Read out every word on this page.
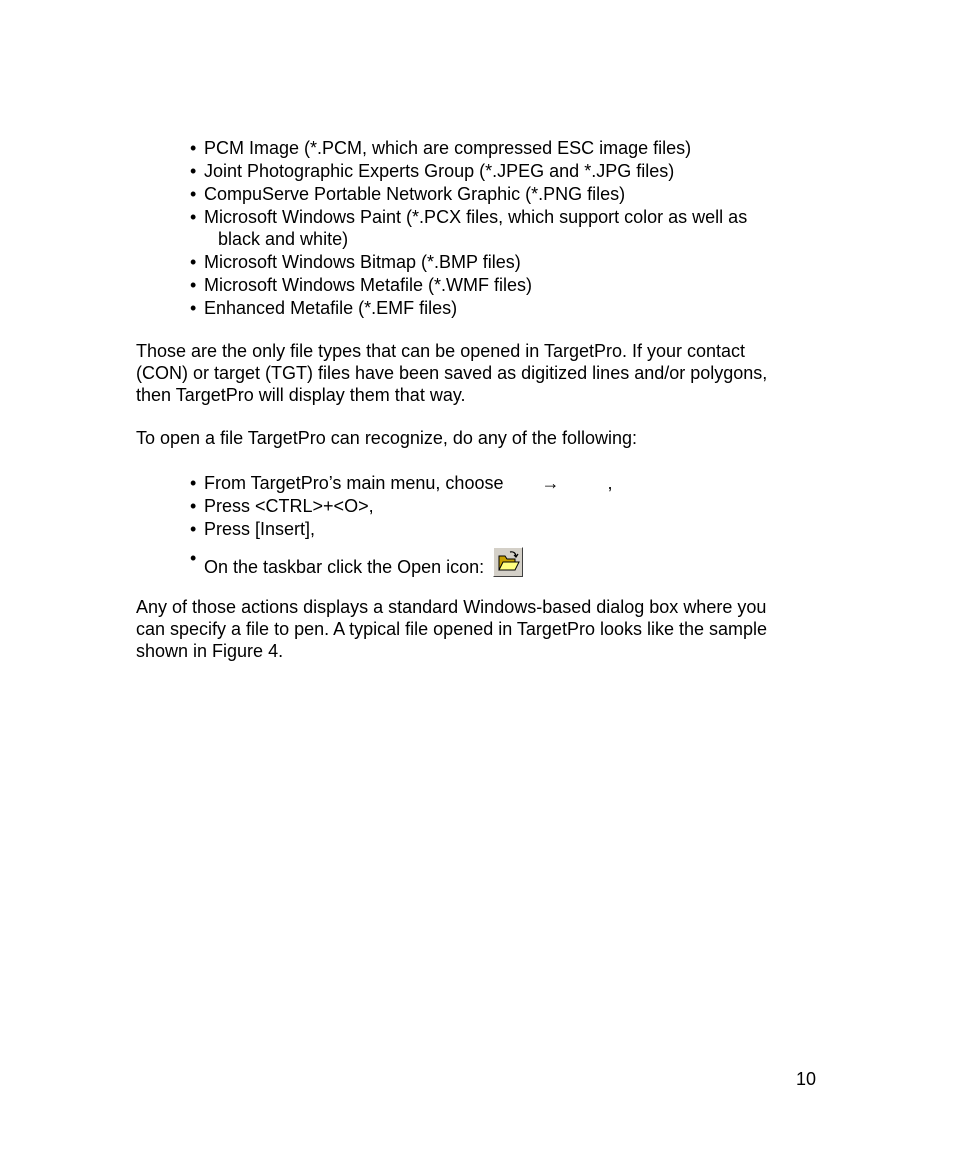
• PCM Image (*.PCM, which are compressed ESC image files)
• Joint Photographic Experts Group (*.JPEG and *.JPG files)
• CompuServe Portable Network Graphic (*.PNG files)
• Microsoft Windows Paint (*.PCX files, which support color as well as
black and white)
• Microsoft Windows Bitmap (*.BMP files)
• Microsoft Windows Metafile (*.WMF files)
• Enhanced Metafile (*.EMF files)

Those are the only file types that can be opened in TargetPro. If your contact
(CON) or target (TGT) files have been saved as digitized lines and/or polygons,
then TargetPro will display them that way.

To open a file TargetPro can recognize, do any of the following:

• From TargetPro’s main menu, choose →	,
• Press <CTRL>+<O>,
• Press [Insert],
• On the taskbar click the Open icon:

Any of those actions displays a standard Windows-based dialog box where you
can specify a file to pen. A typical file opened in TargetPro looks like the sample
shown in Figure 4.

10
